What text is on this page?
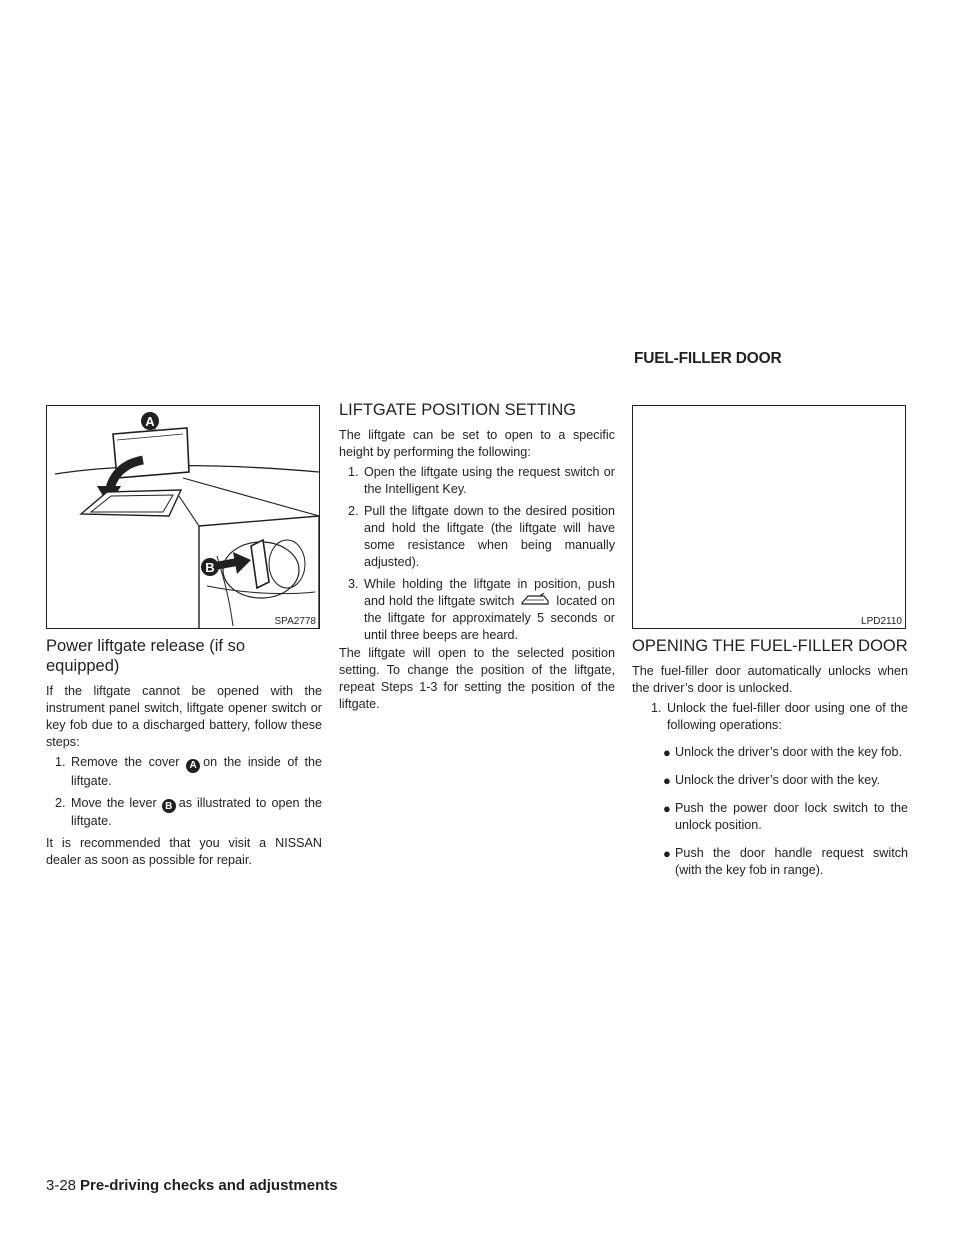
FUEL-FILLER DOOR
A
B
SPA2778
Power liftgate release (if so equipped)

If the liftgate cannot be opened with the instrument panel switch, liftgate opener switch or key fob due to a discharged battery, follow these steps:

1. Remove the cover A on the inside of the liftgate.
2. Move the lever B as illustrated to open the liftgate.

It is recommended that you visit a NISSAN dealer as soon as possible for repair.

LIFTGATE POSITION SETTING

The liftgate can be set to open to a specific height by performing the following:

1. Open the liftgate using the request switch or the Intelligent Key.
2. Pull the liftgate down to the desired position and hold the liftgate (the liftgate will have some resistance when being manually adjusted).
3. While holding the liftgate in position, push and hold the liftgate switch	located on the liftgate for approximately 5 seconds or until three beeps are heard.

The liftgate will open to the selected position setting. To change the position of the liftgate, repeat Steps 1-3 for setting the position of the liftgate.

LPD2110
OPENING THE FUEL-FILLER DOOR

The fuel-filler door automatically unlocks when the driver’s door is unlocked.

1. Unlock the fuel-filler door using one of the following operations:
● Unlock the driver’s door with the key fob.
● Unlock the driver’s door with the key.
● Push the power door lock switch to the unlock position.
● Push the door handle request switch (with the key fob in range).
3-28 Pre-driving checks and adjustments
